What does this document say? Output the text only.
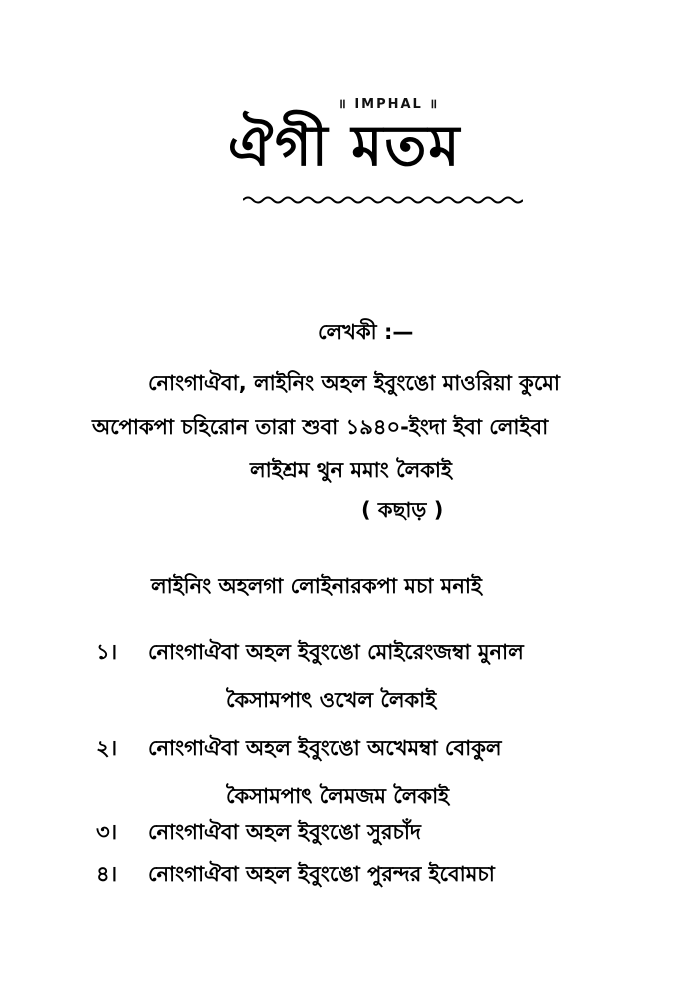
॥ IMPHAL ॥
ঐগী মতম
লেখকী :—
নোংগাঐবা, লাইনিং অহল ইবুংঙো মাওরিয়া কুমো
অপোকপা চহিরোন তারা শুবা ১৯৪০-ইংদা ইবা লোইবা
লাইশ্রম থুন মমাং লৈকাই
( কছাড় )
লাইনিং অহলগা লোইনারকপা মচা মনাই
১। নোংগাঐবা অহল ইবুংঙো মোইরেংজম্বা মুনাল
কৈসামপাৎ ওখেল লৈকাই
২। নোংগাঐবা অহল ইবুংঙো অখেমম্বা বোকুল
কৈসামপাৎ লৈমজম লৈকাই
৩। নোংগাঐবা অহল ইবুংঙো সুরচাঁদ
৪। নোংগাঐবা অহল ইবুংঙো পুরন্দর ইবোমচা
